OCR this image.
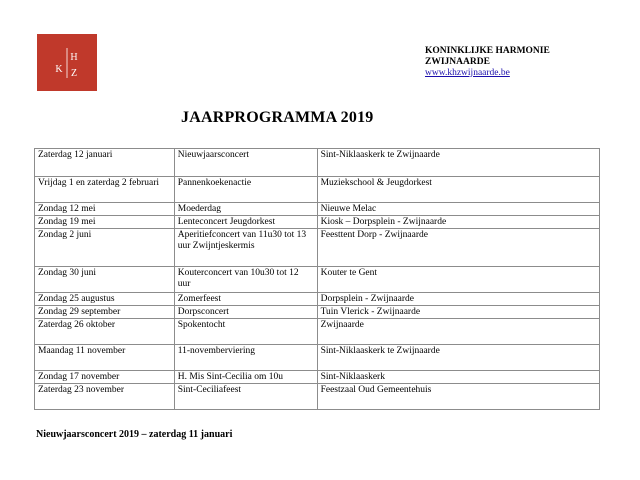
K
H
Z
KONINKLIJKE HARMONIE
ZWIJNAARDE
www.khzwijnaarde.be
JAARPROGRAMMA 2019
Zaterdag 12 januari	Nieuwjaarsconcert	Sint-Niklaaskerk te Zwijnaarde
Vrijdag 1 en zaterdag 2 februari	Pannenkoekenactie	Muziekschool & Jeugdorkest
Zondag 12 mei	Moederdag	Nieuwe Melac
Zondag 19 mei	Lenteconcert Jeugdorkest	Kiosk – Dorpsplein - Zwijnaarde
Zondag 2 juni	Aperitiefconcert van 11u30 tot 13 uur Zwijntjeskermis	Feesttent Dorp - Zwijnaarde
Zondag 30 juni	Kouterconcert van 10u30 tot 12 uur	Kouter te Gent
Zondag 25 augustus	Zomerfeest	Dorpsplein - Zwijnaarde
Zondag 29 september	Dorpsconcert	Tuin Vlerick - Zwijnaarde
Zaterdag 26 oktober	Spokentocht	Zwijnaarde
Maandag 11 november	11-novemberviering	Sint-Niklaaskerk te Zwijnaarde
Zondag 17 november	H. Mis Sint-Cecilia om 10u	Sint-Niklaaskerk
Zaterdag 23 november	Sint-Ceciliafeest	Feestzaal Oud Gemeentehuis
Nieuwjaarsconcert 2019 – zaterdag 11 januari
